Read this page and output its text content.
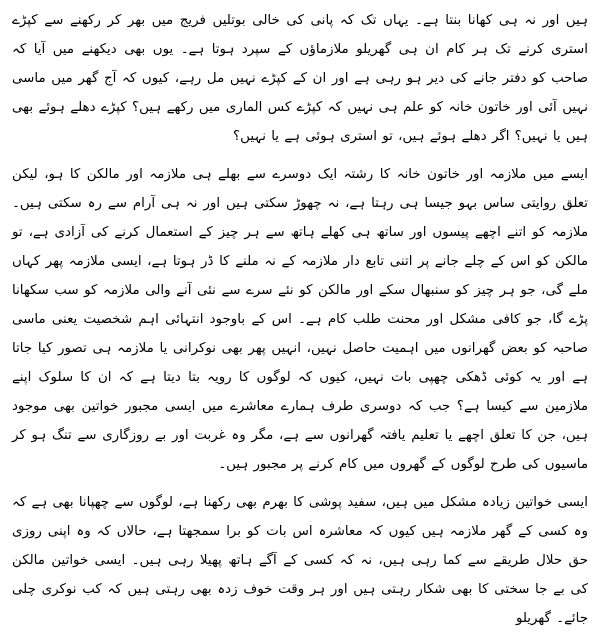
ہیں اور نہ ہی کھانا بنتا ہے۔ یہاں تک کہ پانی کی خالی بوتلیں فریج میں بھر کر رکھنے سے کپڑے استری کرنے تک ہر کام ان ہی گھریلو ملازماؤں کے سپرد ہوتا ہے۔ یوں بھی دیکھنے میں آیا کہ صاحب کو دفتر جانے کی دیر ہو رہی ہے اور ان کے کپڑے نہیں مل رہے، کیوں کہ آج گھر میں ماسی نہیں آئی اور خاتون خانہ کو علم ہی نہیں کہ کپڑے کس الماری میں رکھے ہیں؟ کپڑے دھلے ہوئے بھی ہیں یا نہیں؟ اگر دھلے ہوئے ہیں، تو استری ہوئی ہے یا نہیں؟

ایسے میں ملازمہ اور خاتون خانہ کا رشتہ ایک دوسرے سے بھلے ہی ملازمہ اور مالکن کا ہو، لیکن تعلق روایتی ساس بہو جیسا ہی رہتا ہے، نہ چھوڑ سکتی ہیں اور نہ ہی آرام سے رہ سکتی ہیں۔ ملازمہ کو اتنے اچھے پیسوں اور ساتھ ہی کھلے ہاتھ سے ہر چیز کے استعمال کرنے کی آزادی ہے، تو مالکن کو اس کے چلے جانے پر اتنی تابع دار ملازمہ کے نہ ملنے کا ڈر ہوتا ہے، ایسی ملازمہ پھر کہاں ملے گی، جو ہر چیز کو سنبھال سکے اور مالکن کو نئے سرے سے نئی آنے والی ملازمہ کو سب سکھانا پڑے گا، جو کافی مشکل اور محنت طلب کام ہے۔ اس کے باوجود انتہائی اہم شخصیت یعنی ماسی صاحبہ کو بعض گھرانوں میں اہمیت حاصل نہیں، انہیں پھر بھی نوکرانی یا ملازمہ ہی تصور کیا جاتا ہے اور یہ کوئی ڈھکی چھپی بات نہیں، کیوں کہ لوگوں کا رویہ بتا دیتا ہے کہ ان کا سلوک اپنے ملازمین سے کیسا ہے؟ جب کہ دوسری طرف ہمارے معاشرے میں ایسی مجبور خواتین بھی موجود ہیں، جن کا تعلق اچھے یا تعلیم یافتہ گھرانوں سے ہے، مگر وہ غربت اور بے روزگاری سے تنگ ہو کر ماسیوں کی طرح لوگوں کے گھروں میں کام کرنے پر مجبور ہیں۔

ایسی خواتین زیادہ مشکل میں ہیں، سفید پوشی کا بھرم بھی رکھنا ہے، لوگوں سے چھپانا بھی ہے کہ وہ کسی کے گھر ملازمہ ہیں کیوں کہ معاشرہ اس بات کو برا سمجھتا ہے، حالاں کہ وہ اپنی روزی حق حلال طریقے سے کما رہی ہیں، نہ کہ کسی کے آگے ہاتھ پھیلا رہی ہیں۔ ایسی خواتین مالکن کی بے جا سختی کا بھی شکار رہتی ہیں اور ہر وقت خوف زدہ بھی رہتی ہیں کہ کب نوکری چلی جائے۔ گھریلو
